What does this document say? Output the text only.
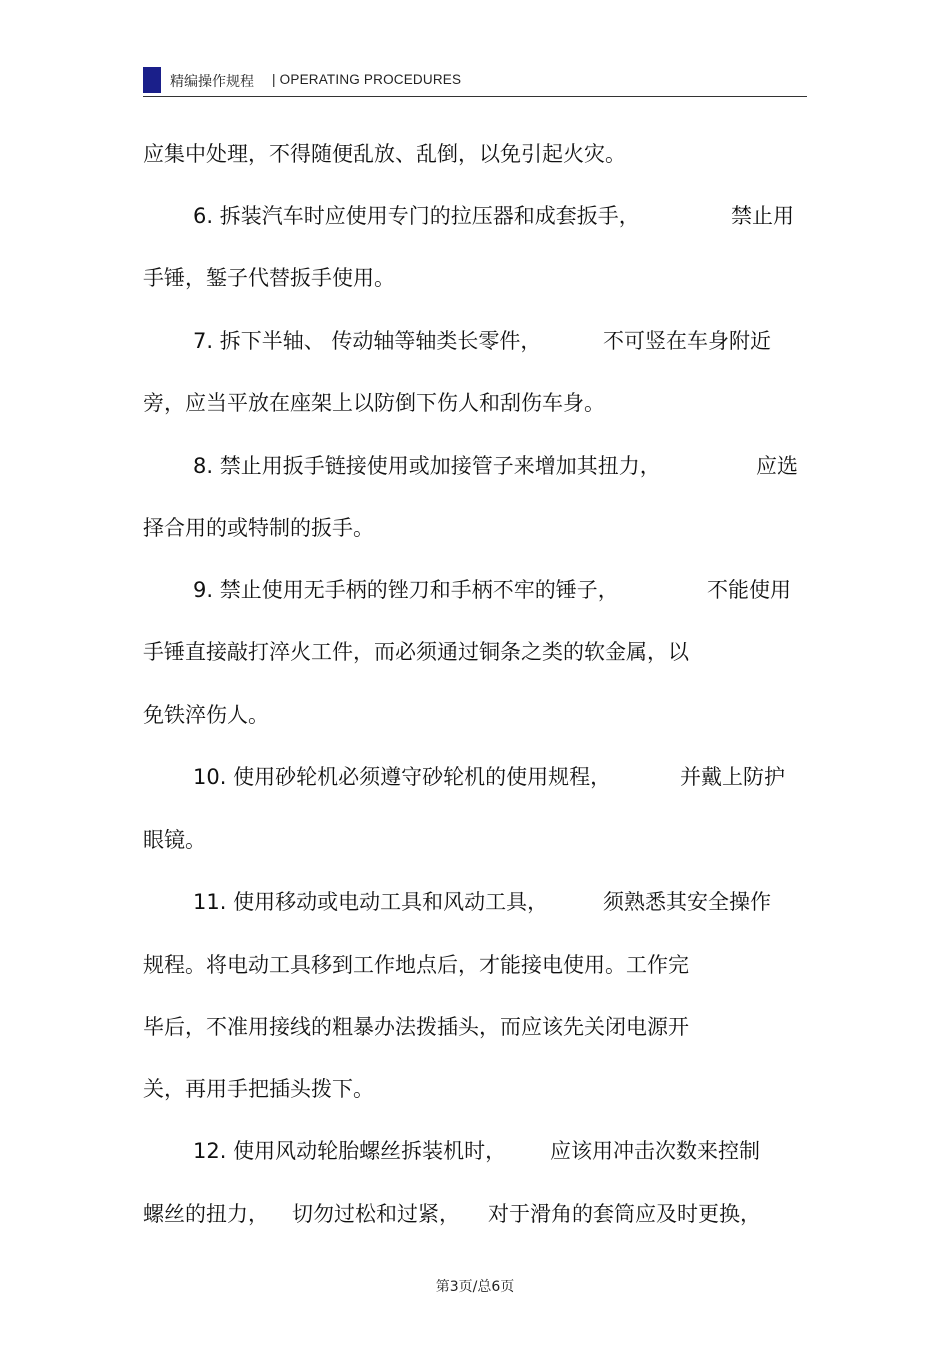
精编操作规程 | OPERATING PROCEDURES
应集中处理，不得随便乱放、乱倒，以免引起火灾。
6. 拆装汽车时应使用专门的拉压器和成套扳手，	禁止用
手锤，錾子代替扳手使用。
7. 拆下半轴、 传动轴等轴类长零件，	不可竖在车身附近
旁，应当平放在座架上以防倒下伤人和刮伤车身。
8. 禁止用扳手链接使用或加接管子来增加其扭力，	应选
择合用的或特制的扳手。
9. 禁止使用无手柄的锉刀和手柄不牢的锤子，	不能使用
手锤直接敲打淬火工件，而必须通过铜条之类的软金属，以
免铁淬伤人。
10. 使用砂轮机必须遵守砂轮机的使用规程，	并戴上防护
眼镜。
11. 使用移动或电动工具和风动工具，	须熟悉其安全操作
规程。将电动工具移到工作地点后，才能接电使用。工作完
毕后，不准用接线的粗暴办法拨插头，而应该先关闭电源开
关，再用手把插头拨下。
12. 使用风动轮胎螺丝拆装机时， 应该用冲击次数来控制
螺丝的扭力， 切勿过松和过紧， 对于滑角的套筒应及时更换，
第3页/总6页
